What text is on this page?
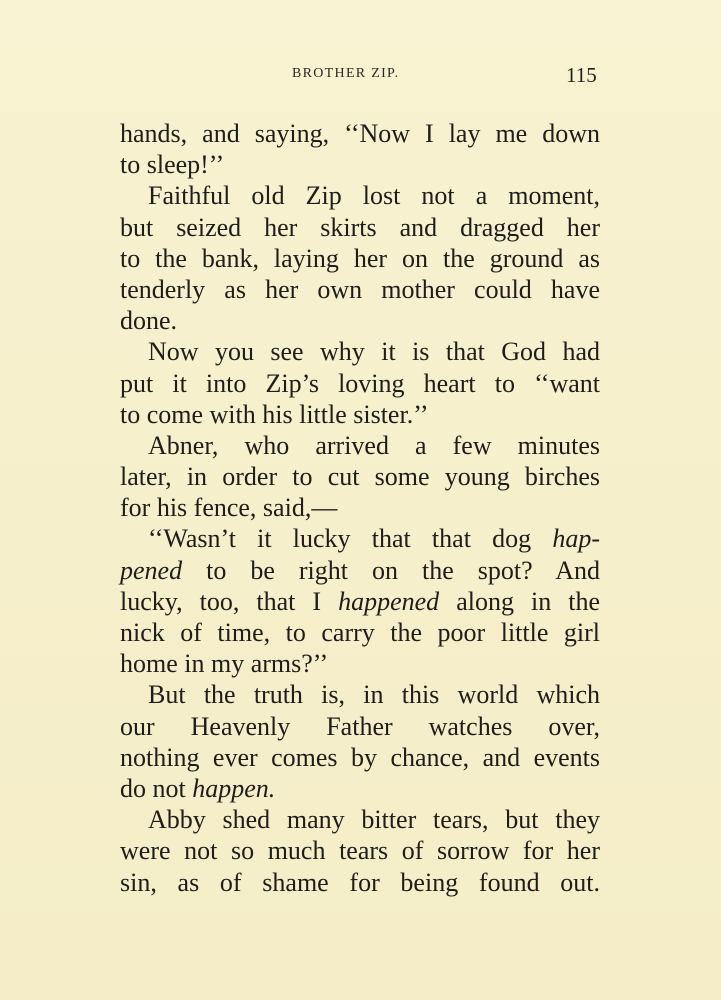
BROTHER ZIP.	115
hands, and saying, ‘‘Now I lay me down
to sleep!’’
Faithful old Zip lost not a moment,
but seized her skirts and dragged her
to the bank, laying her on the ground as
tenderly as her own mother could have
done.
Now you see why it is that God had
put it into Zip’s loving heart to ‘‘want
to come with his little sister.’’
Abner, who arrived a few minutes
later, in order to cut some young birches
for his fence, said,—
‘‘Wasn’t it lucky that that dog hap-
pened to be right on the spot? And
lucky, too, that I happened along in the
nick of time, to carry the poor little girl
home in my arms?’’
But the truth is, in this world which
our Heavenly Father watches over,
nothing ever comes by chance, and events
do not happen.
Abby shed many bitter tears, but they
were not so much tears of sorrow for her
sin, as of shame for being found out.
